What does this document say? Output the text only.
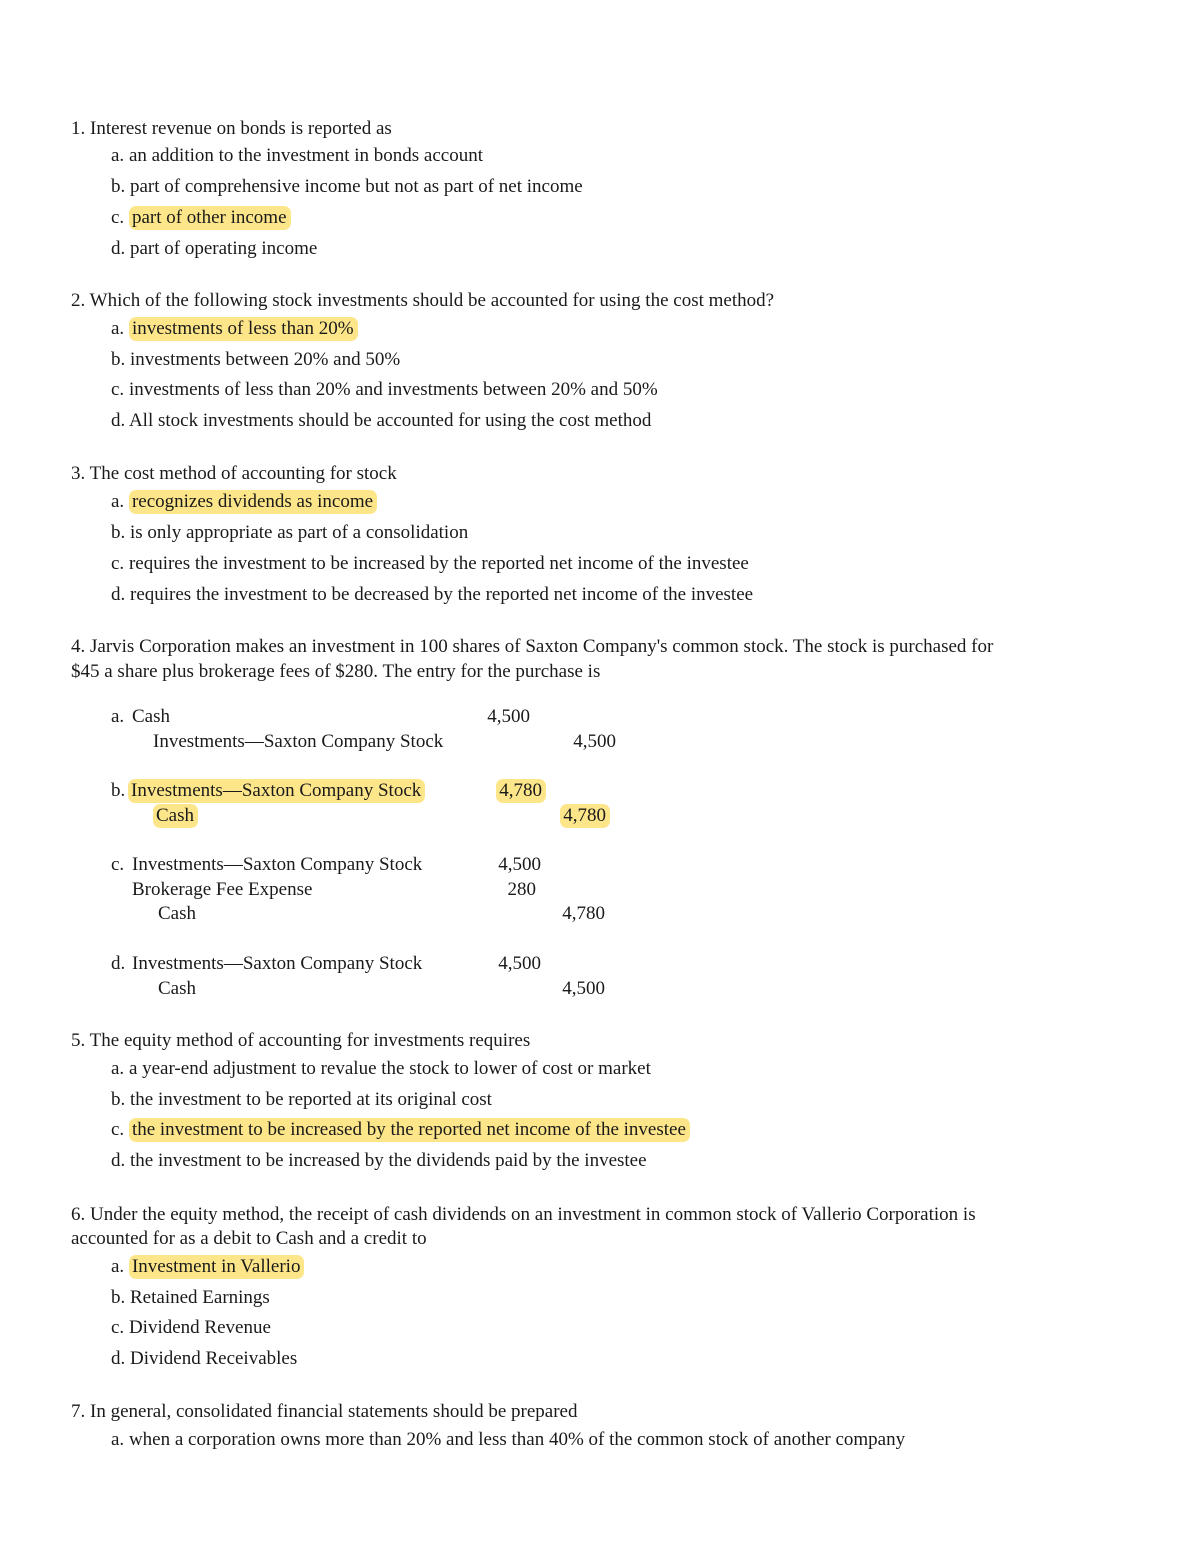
1. Interest revenue on bonds is reported as
a. an addition to the investment in bonds account
b. part of comprehensive income but not as part of net income
c. part of other income
d. part of operating income
2. Which of the following stock investments should be accounted for using the cost method?
a. investments of less than 20%
b. investments between 20% and 50%
c. investments of less than 20% and investments between 20% and 50%
d. All stock investments should be accounted for using the cost method
3. The cost method of accounting for stock
a. recognizes dividends as income
b. is only appropriate as part of a consolidation
c. requires the investment to be increased by the reported net income of the investee
d. requires the investment to be decreased by the reported net income of the investee
4. Jarvis Corporation makes an investment in 100 shares of Saxton Company's common stock. The stock is purchased for
$45 a share plus brokerage fees of $280. The entry for the purchase is
a. Cash	4,500
Investments—Saxton Company Stock	4,500
b. Investments—Saxton Company Stock	4,780
Cash	4,780
c. Investments—Saxton Company Stock	4,500
Brokerage Fee Expense	280
Cash	4,780
d. Investments—Saxton Company Stock	4,500
Cash	4,500
5. The equity method of accounting for investments requires
a. a year-end adjustment to revalue the stock to lower of cost or market
b. the investment to be reported at its original cost
c. the investment to be increased by the reported net income of the investee
d. the investment to be increased by the dividends paid by the investee
6. Under the equity method, the receipt of cash dividends on an investment in common stock of Vallerio Corporation is
accounted for as a debit to Cash and a credit to
a. Investment in Vallerio
b. Retained Earnings
c. Dividend Revenue
d. Dividend Receivables
7. In general, consolidated financial statements should be prepared
a. when a corporation owns more than 20% and less than 40% of the common stock of another company
